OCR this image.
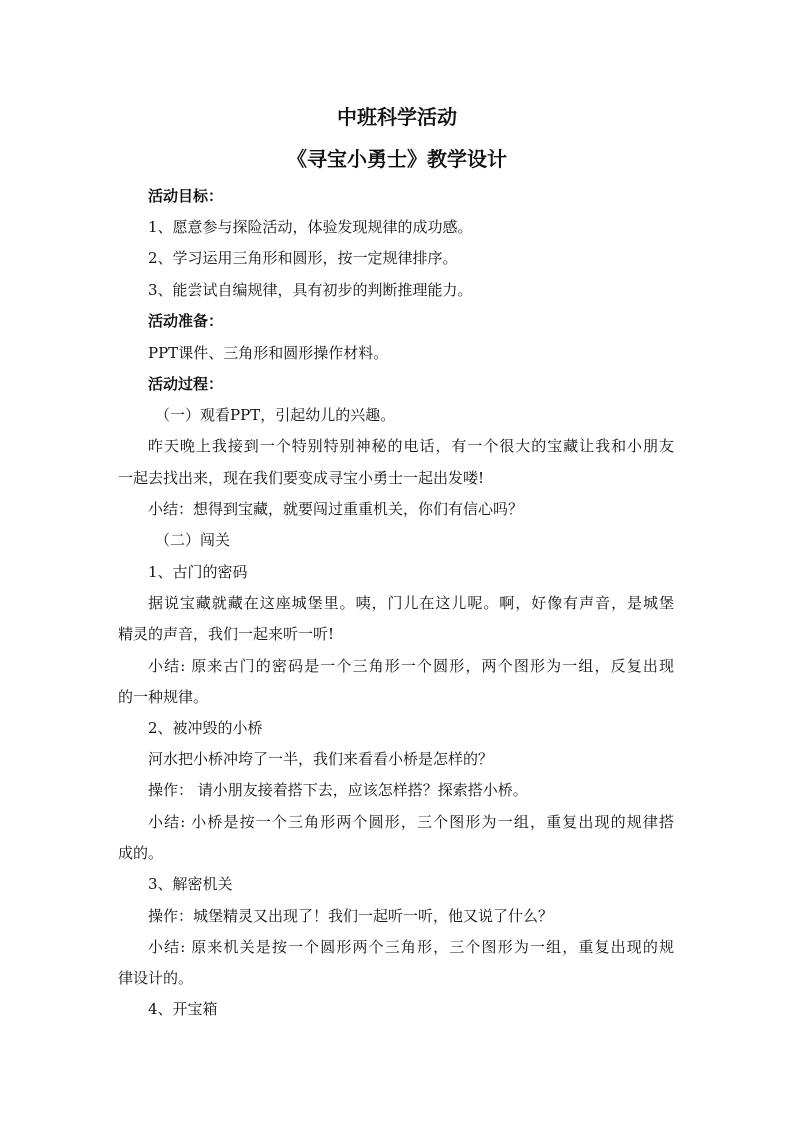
中班科学活动
《寻宝小勇士》教学设计
活动目标：
1、愿意参与探险活动，体验发现规律的成功感。
2、学习运用三角形和圆形，按一定规律排序。
3、能尝试自编规律，具有初步的判断推理能力。
活动准备：
PPT课件、三角形和圆形操作材料。
活动过程：
（一）观看PPT，引起幼儿的兴趣。
昨天晚上我接到一个特别特别神秘的电话，有一个很大的宝藏让我和小朋友
一起去找出来，现在我们要变成寻宝小勇士一起出发喽!
小结：想得到宝藏，就要闯过重重机关，你们有信心吗？
（二）闯关
1、古门的密码
据说宝藏就藏在这座城堡里。咦，门儿在这儿呢。啊，好像有声音，是城堡
精灵的声音，我们一起来听一听!
小结: 原来古门的密码是一个三角形一个圆形，两个图形为一组，反复出现
的一种规律。
2、被冲毁的小桥
河水把小桥冲垮了一半，我们来看看小桥是怎样的？
操作： 请小朋友接着搭下去，应该怎样搭？探索搭小桥。
小结: 小桥是按一个三角形两个圆形，三个图形为一组，重复出现的规律搭
成的。
3、解密机关
操作：城堡精灵又出现了！我们一起听一听，他又说了什么？
小结: 原来机关是按一个圆形两个三角形，三个图形为一组，重复出现的规
律设计的。
4、开宝箱
